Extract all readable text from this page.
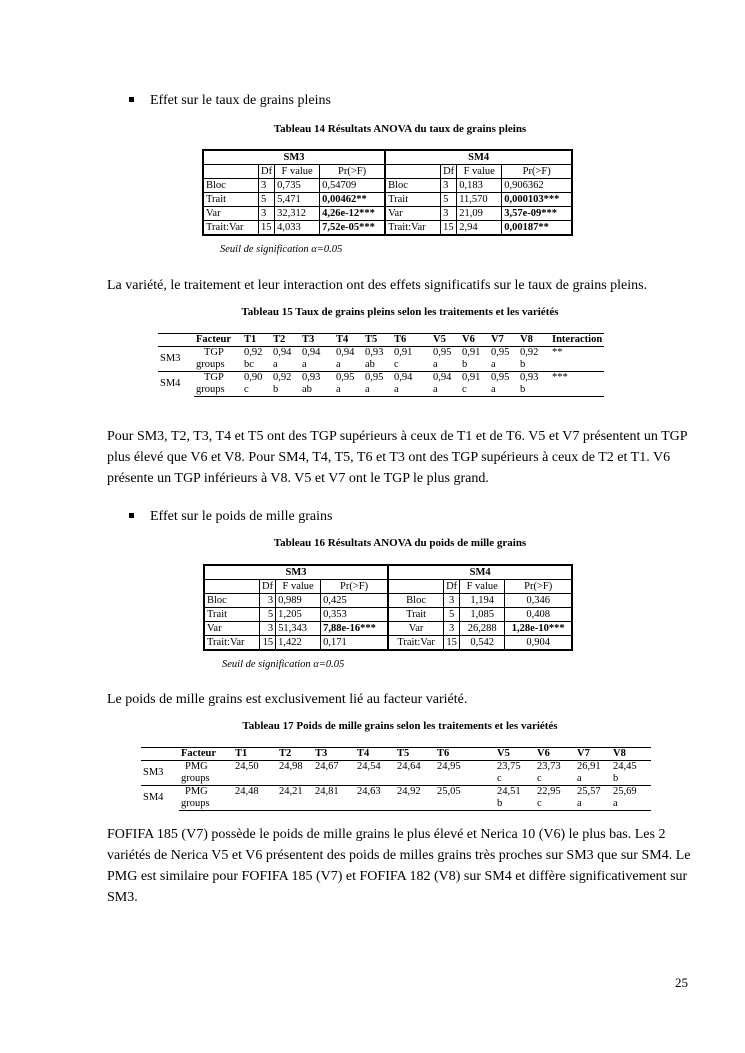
Effet sur le taux de grains pleins
Tableau 14 Résultats ANOVA du taux de grains pleins
SM3				SM4			
	Df	F value	Pr(>F)		Df	F value	Pr(>F)
Bloc	3	0,735	0,54709	Bloc	3	0,183	0,906362
Trait	5	5,471	0,00462**	Trait	5	11,570	0,000103***
Var	3	32,312	4,26e-12***	Var	3	21,09	3,57e-09***
Trait:Var	15	4,033	7,52e-05***	Trait:Var	15	2,94	0,00187**
Seuil de signification α=0.05
La variété, le traitement et leur interaction ont des effets significatifs sur le taux de grains pleins.
Tableau 15 Taux de grains pleins selon les traitements et les variétés
	Facteur	T1	T2	T3	T4	T5	T6	V5	V6	V7	V8	Interaction
SM3	TGP	0,92	0,94	0,94	0,94	0,93	0,91	0,95	0,91	0,95	0,92	**
	groups	bc	a	a	a	ab	c	a	b	a	b	
SM4	TGP	0,90	0,92	0,93	0,95	0,95	0,94	0,94	0,91	0,95	0,93	***
	groups	c	b	ab	a	a	a	a	c	a	b	
Pour SM3, T2, T3, T4 et T5 ont des TGP supérieurs à ceux de T1 et de T6. V5 et V7 présentent un TGP plus élevé que V6 et V8. Pour SM4, T4, T5, T6 et T3 ont des TGP supérieurs à ceux de T2 et T1. V6 présente un TGP inférieurs à V8. V5 et V7 ont le TGP le plus grand.
Effet sur le poids de mille grains
Tableau 16 Résultats ANOVA du poids de mille grains
SM3				SM4			
	Df	F value	Pr(>F)		Df	F value	Pr(>F)
Bloc	3	0,989	0,425	Bloc	3	1,194	0,346
Trait	5	1,205	0,353	Trait	5	1,085	0,408
Var	3	51,343	7,88e-16***	Var	3	26,288	1,28e-10***
Trait:Var	15	1,422	0,171	Trait:Var	15	0,542	0,904
Seuil de signification α=0.05
Le poids de mille grains est exclusivement lié au facteur variété.
Tableau 17 Poids de mille grains selon les traitements et les variétés
	Facteur	T1	T2	T3	T4	T5	T6	V5	V6	V7	V8
SM3	PMG	24,50	24,98	24,67	24,54	24,64	24,95	23,75	23,73	26,91	24,45
	groups							c	c	a	b
SM4	PMG	24,48	24,21	24,81	24,63	24,92	25,05	24,51	22,95	25,57	25,69
	groups							b	c	a	a
FOFIFA 185 (V7) possède le poids de mille grains le plus élevé et Nerica 10 (V6) le plus bas. Les 2 variétés de Nerica V5 et V6 présentent des poids de milles grains très proches sur SM3 que sur SM4. Le PMG est similaire pour FOFIFA 185 (V7) et FOFIFA 182 (V8) sur SM4 et diffère significativement sur SM3.
25
